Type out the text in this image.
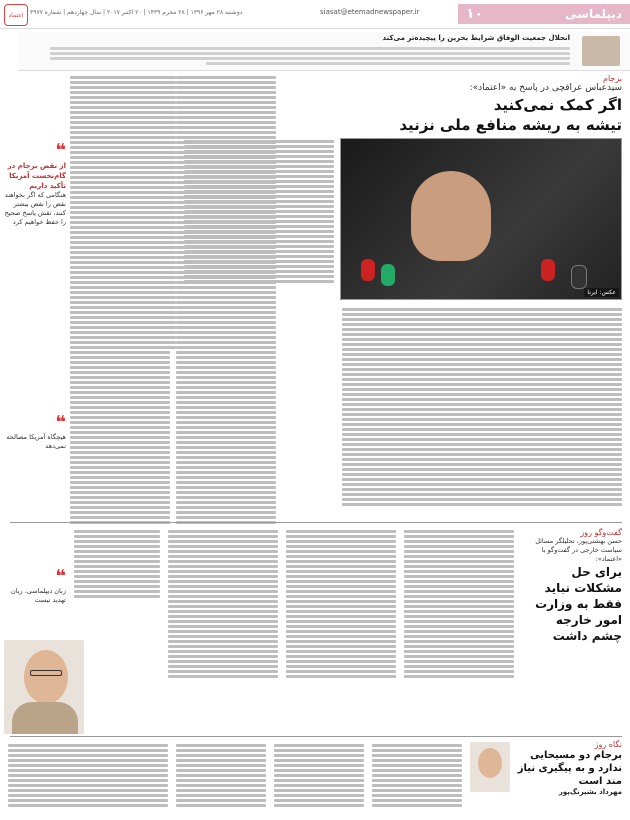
دیپلماسی
۱۰
siasat@etemadnewspaper.ir
دوشنبه ۲۸ مهر ۱۳۹۶ | ۲۸ محرم ۱۴۳۹ | ۲۰ اکتبر ۲۰۱۷ | سال چهاردهم | شماره ۳۹۷۷
اعتماد
انحلال جمعیت الوفاق شرایط بحرین را پیچیده‌تر می‌کند
برجام
سیدعباس عراقچی در پاسخ به «اعتماد»:
اگر کمک نمی‌کنید
تیشه به ریشه منافع ملی نزنید
عکس: ایرنا
❝
از نقض برجام در گام‌نخست آمریکا تأکید داریم
هنگامی که اگر بخواهند نقض را نقض بیشتر کنند، نقش پاسخ صحیح را حفظ خواهیم کرد
❝
هیچگاه آمریکا مصالحه نمی‌دهد
گفت‌وگو روز
حسن بهشتی‌پور، تحلیلگر مسائل سیاست خارجی در گفت‌وگو با «اعتماد»:
برای حل مشکلات نباید فقط به وزارت امور خارجه چشم داشت
❝
زبان دیپلماسی، زبان تهدید نیست
نگاه روز
برجام دو مسیحایی ندارد و به پیگیری نیاز مند است
مهرداد بشیرنگ‌پور
